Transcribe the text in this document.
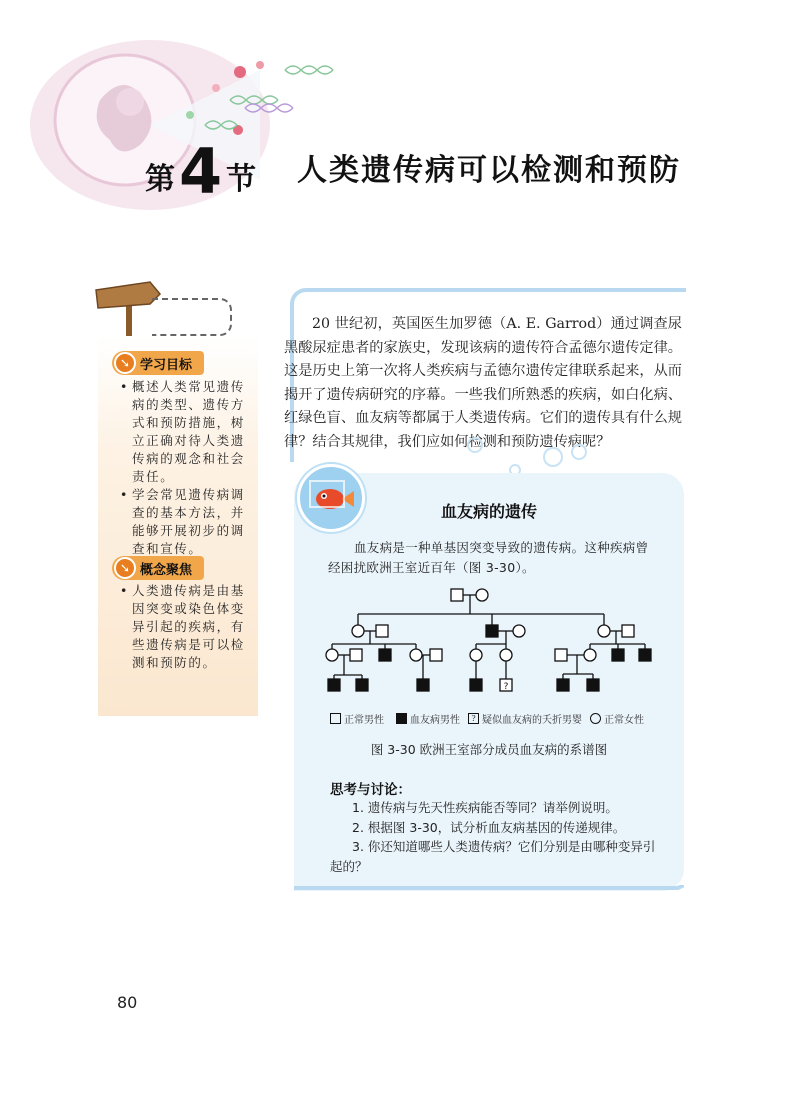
第 4 节 人类遗传病可以检测和预防
➘ 学习目标
• 概述人类常见遗传病的类型、遗传方式和预防措施，树立正确对待人类遗传病的观念和社会责任。
• 学会常见遗传病调查的基本方法，并能够开展初步的调查和宣传。
➘ 概念聚焦
• 人类遗传病是由基因突变或染色体变异引起的疾病，有些遗传病是可以检测和预防的。
20 世纪初，英国医生加罗德（A. E. Garrod）通过调查尿黑酸尿症患者的家族史，发现该病的遗传符合孟德尔遗传定律。这是历史上第一次将人类疾病与孟德尔遗传定律联系起来，从而揭开了遗传病研究的序幕。一些我们所熟悉的疾病，如白化病、红绿色盲、血友病等都属于人类遗传病。它们的遗传具有什么规律？结合其规律，我们应如何检测和预防遗传病呢？
血友病的遗传
血友病是一种单基因突变导致的遗传病。这种疾病曾经困扰欧洲王室近百年（图 3-30）。
?
正常男性	血友病男性	? 疑似血友病的夭折男婴 正常女性
图 3-30 欧洲王室部分成员血友病的系谱图
思考与讨论：
1. 遗传病与先天性疾病能否等同？请举例说明。
2. 根据图 3-30，试分析血友病基因的传递规律。
3. 你还知道哪些人类遗传病？它们分别是由哪种变异引起的？
80
